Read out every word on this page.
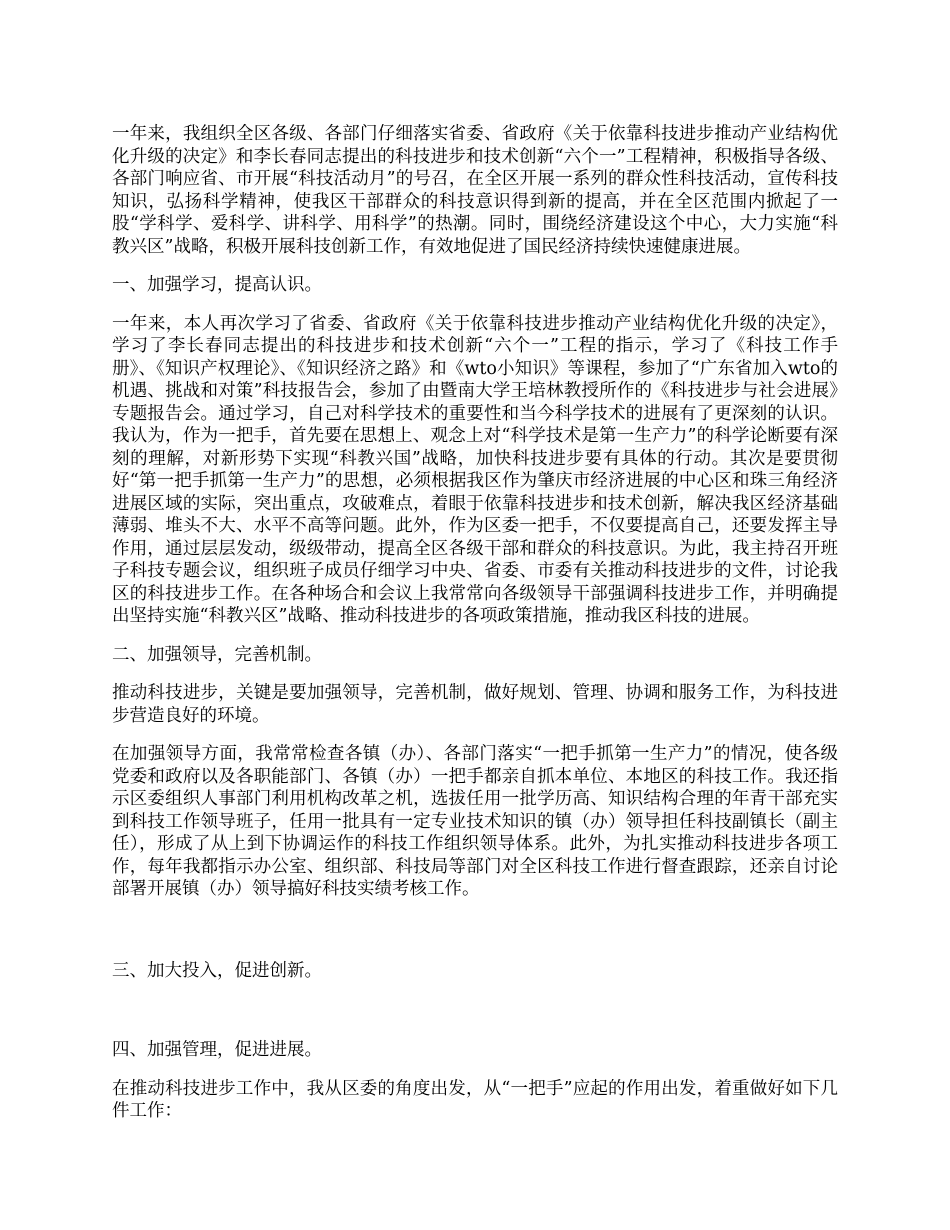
一年来，我组织全区各级、各部门仔细落实省委、省政府《关于依靠科技进步推动产业结构优化升级的决定》和李长春同志提出的科技进步和技术创新“六个一”工程精神，积极指导各级、各部门响应省、市开展“科技活动月”的号召，在全区开展一系列的群众性科技活动，宣传科技知识，弘扬科学精神，使我区干部群众的科技意识得到新的提高，并在全区范围内掀起了一股“学科学、爱科学、讲科学、用科学”的热潮。同时，围绕经济建设这个中心，大力实施“科教兴区”战略，积极开展科技创新工作，有效地促进了国民经济持续快速健康进展。

一、加强学习，提高认识。

一年来，本人再次学习了省委、省政府《关于依靠科技进步推动产业结构优化升级的决定》，学习了李长春同志提出的科技进步和技术创新“六个一”工程的指示，学习了《科技工作手册》、《知识产权理论》、《知识经济之路》和《wto小知识》等课程，参加了“广东省加入wto的机遇、挑战和对策”科技报告会，参加了由暨南大学王培林教授所作的《科技进步与社会进展》专题报告会。通过学习，自己对科学技术的重要性和当今科学技术的进展有了更深刻的认识。我认为，作为一把手，首先要在思想上、观念上对“科学技术是第一生产力”的科学论断要有深刻的理解，对新形势下实现“科教兴国”战略，加快科技进步要有具体的行动。其次是要贯彻好“第一把手抓第一生产力”的思想，必须根据我区作为肇庆市经济进展的中心区和珠三角经济进展区域的实际，突出重点，攻破难点，着眼于依靠科技进步和技术创新，解决我区经济基础薄弱、堆头不大、水平不高等问题。此外，作为区委一把手，不仅要提高自己，还要发挥主导作用，通过层层发动，级级带动，提高全区各级干部和群众的科技意识。为此，我主持召开班子科技专题会议，组织班子成员仔细学习中央、省委、市委有关推动科技进步的文件，讨论我区的科技进步工作。在各种场合和会议上我常常向各级领导干部强调科技进步工作，并明确提出坚持实施“科教兴区”战略、推动科技进步的各项政策措施，推动我区科技的进展。

二、加强领导，完善机制。

推动科技进步，关键是要加强领导，完善机制，做好规划、管理、协调和服务工作，为科技进步营造良好的环境。

在加强领导方面，我常常检查各镇（办）、各部门落实“一把手抓第一生产力”的情况，使各级党委和政府以及各职能部门、各镇（办）一把手都亲自抓本单位、本地区的科技工作。我还指示区委组织人事部门利用机构改革之机，选拔任用一批学历高、知识结构合理的年青干部充实到科技工作领导班子，任用一批具有一定专业技术知识的镇（办）领导担任科技副镇长（副主任），形成了从上到下协调运作的科技工作组织领导体系。此外，为扎实推动科技进步各项工作，每年我都指示办公室、组织部、科技局等部门对全区科技工作进行督查跟踪，还亲自讨论部署开展镇（办）领导搞好科技实绩考核工作。

三、加大投入，促进创新。

四、加强管理，促进进展。

在推动科技进步工作中，我从区委的角度出发，从“一把手”应起的作用出发，着重做好如下几件工作：
